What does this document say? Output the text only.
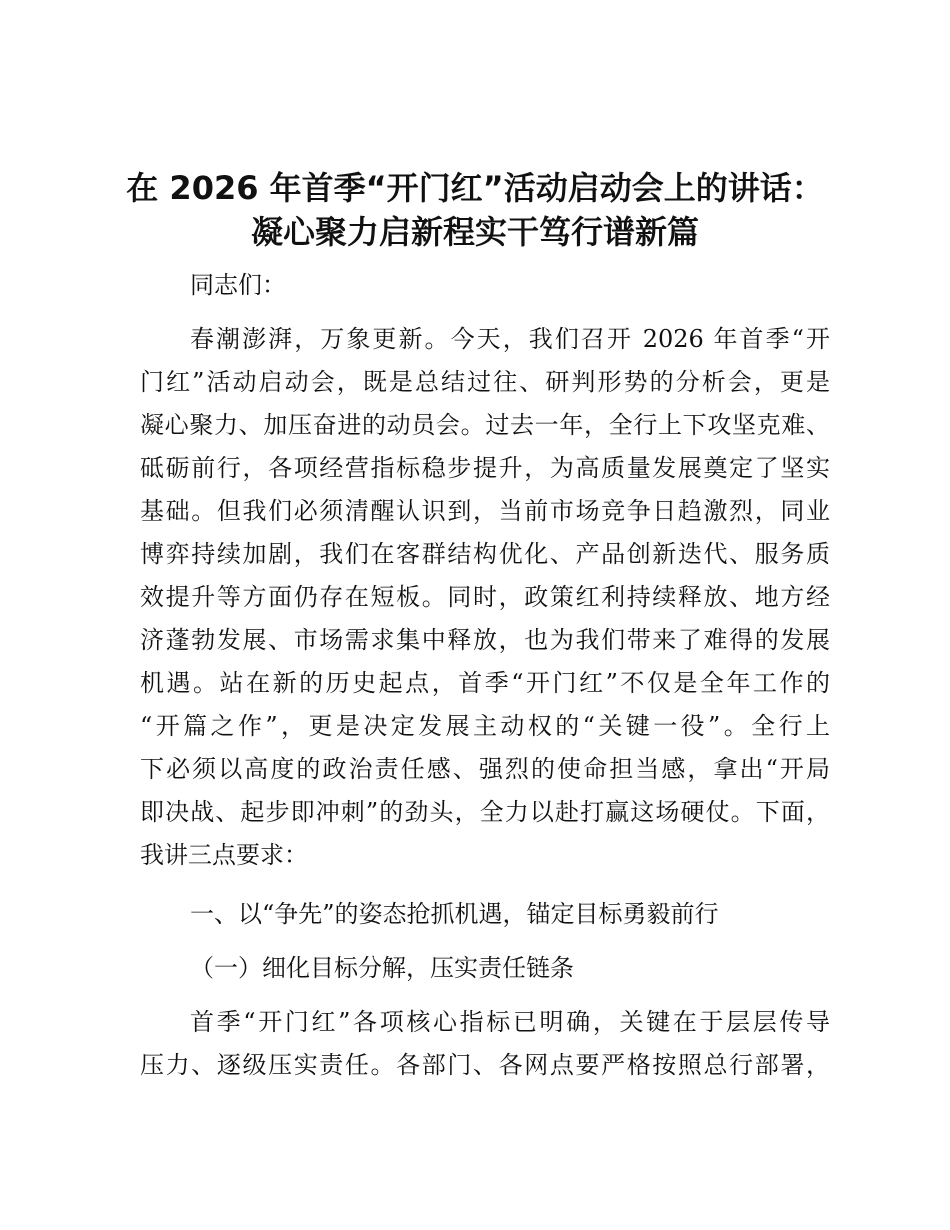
在 2026 年首季“开门红”活动启动会上的讲话：
凝心聚力启新程实干笃行谱新篇
同志们：
春潮澎湃，万象更新。今天，我们召开 2026 年首季“开
门红”活动启动会，既是总结过往、研判形势的分析会，更是
凝心聚力、加压奋进的动员会。过去一年，全行上下攻坚克难、
砥砺前行，各项经营指标稳步提升，为高质量发展奠定了坚实
基础。但我们必须清醒认识到，当前市场竞争日趋激烈，同业
博弈持续加剧，我们在客群结构优化、产品创新迭代、服务质
效提升等方面仍存在短板。同时，政策红利持续释放、地方经
济蓬勃发展、市场需求集中释放，也为我们带来了难得的发展
机遇。站在新的历史起点，首季“开门红”不仅是全年工作的
“开篇之作”，更是决定发展主动权的“关键一役”。全行上
下必须以高度的政治责任感、强烈的使命担当感，拿出“开局
即决战、起步即冲刺”的劲头，全力以赴打赢这场硬仗。下面，
我讲三点要求：
一、以“争先”的姿态抢抓机遇，锚定目标勇毅前行
（一）细化目标分解，压实责任链条
首季“开门红”各项核心指标已明确，关键在于层层传导
压力、逐级压实责任。各部门、各网点要严格按照总行部署，
